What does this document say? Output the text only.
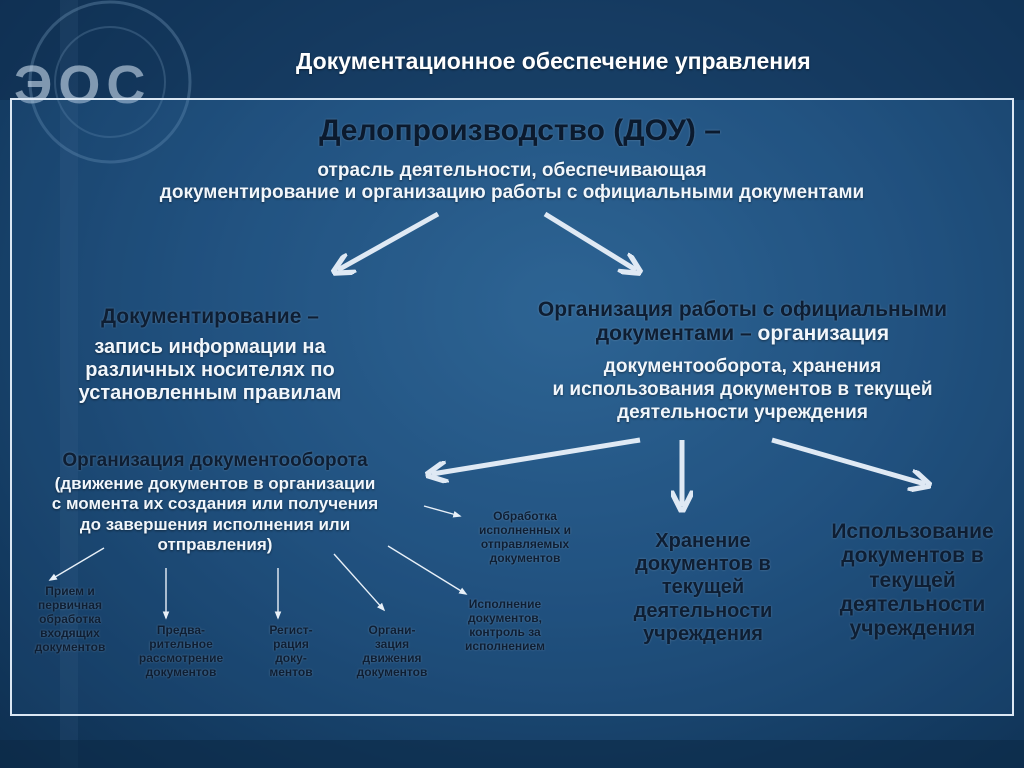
ЭОС	Документационное обеспечение управления
Делопроизводство (ДОУ) –
отрасль деятельности, обеспечивающая
документирование и организацию работы с официальными документами
Документирование –
запись информации на
различных носителях по
установленным правилам
Организация работы с официальными
документами – организация
документооборота, хранения
и использования документов в текущей
деятельности учреждения
Организация документооборота
(движение документов в организации
с момента их создания или получения
до завершения исполнения или
отправления)
Обработка
исполненных и
отправляемых
документов
Исполнение
документов,
контроль за
исполнением
Прием и
первичная
обработка
входящих
документов
Предва-
рительное
рассмотрение
документов
Регист-
рация
доку-
ментов
Органи-
зация
движения
документов
Хранение
документов в
текущей
деятельности
учреждения
Использование
документов в
текущей
деятельности
учреждения
